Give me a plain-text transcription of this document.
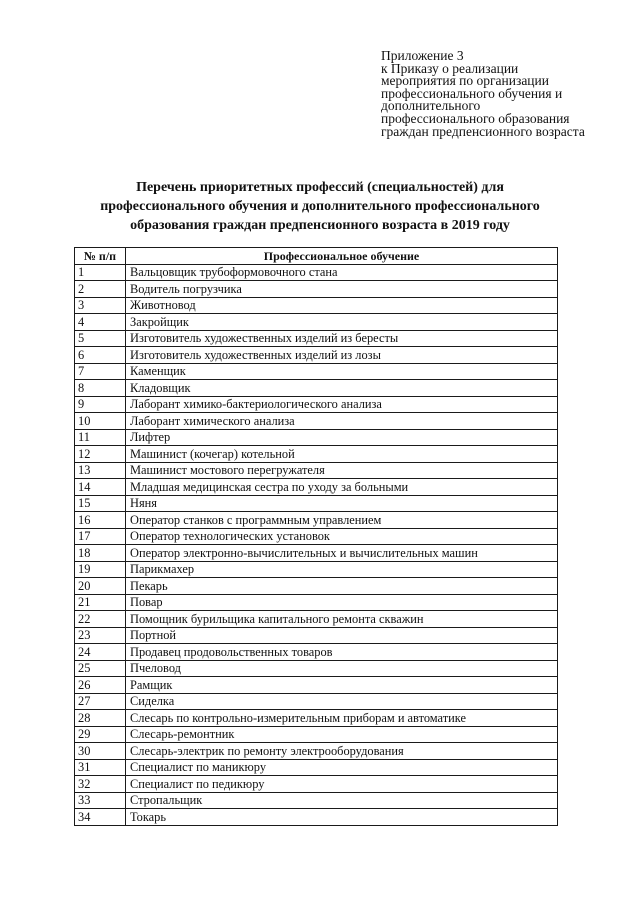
Приложение 3
к Приказу о реализации
мероприятия по организации
профессионального обучения и
дополнительного
профессионального образования
граждан предпенсионного возраста
Перечень приоритетных профессий (специальностей) для
профессионального обучения и дополнительного профессионального
образования граждан предпенсионного возраста в 2019 году
№ п/п	Профессиональное обучение
1	Вальцовщик трубоформовочного стана
2	Водитель погрузчика
3	Животновод
4	Закройщик
5	Изготовитель художественных изделий из бересты
6	Изготовитель художественных изделий из лозы
7	Каменщик
8	Кладовщик
9	Лаборант химико-бактериологического анализа
10	Лаборант химического анализа
11	Лифтер
12	Машинист (кочегар) котельной
13	Машинист мостового перегружателя
14	Младшая медицинская сестра по уходу за больными
15	Няня
16	Оператор станков с программным управлением
17	Оператор технологических установок
18	Оператор электронно-вычислительных и вычислительных машин
19	Парикмахер
20	Пекарь
21	Повар
22	Помощник бурильщика капитального ремонта скважин
23	Портной
24	Продавец продовольственных товаров
25	Пчеловод
26	Рамщик
27	Сиделка
28	Слесарь по контрольно-измерительным приборам и автоматике
29	Слесарь-ремонтник
30	Слесарь-электрик по ремонту электрооборудования
31	Специалист по маникюру
32	Специалист по педикюру
33	Стропальщик
34	Токарь
